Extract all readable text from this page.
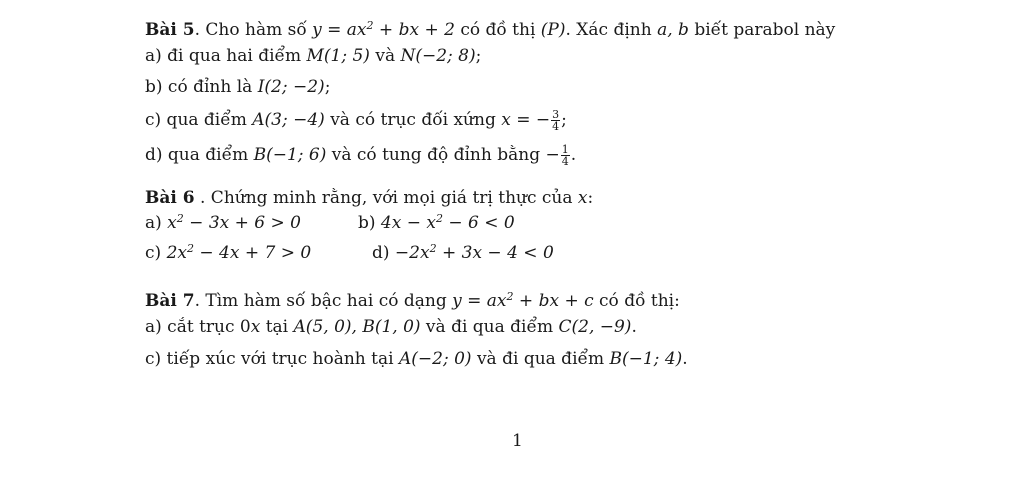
Bài 5. Cho hàm số $y = ax^2$ + bx + 2 có đồ thị (P). Xác định a, b biết parabol này
a) đi qua hai điểm M(1; 5) và N(−2; 8);
b) có đỉnh là I(2; −2);
c) qua điểm A(3; −4) và có trục đối xứng x = − $\frac{3}{4}$ ;
d) qua điểm B(−1; 6) và có tung độ đỉnh bằng − $\frac{1}{4}$ .
Bài 6 . Chứng minh rằng, với mọi giá trị thực của x:
a) $x^2 - 3x + 6 > 0$	b) $4x - x^2 - 6 < 0$
c) $2x^2 - 4x + 7 > 0$	$d) -2x^2 + 3x - 4 < 0$
Bài 7. Tìm hàm số bậc hai có dạng $y = ax^2$ + bx + c có đồ thị:
a) cắt trục 0x tại A(5, 0), B(1, 0) và đi qua điểm C(2, −9).
c) tiếp xúc với trục hoành tại A(−2; 0) và đi qua điểm B(−1; 4).
1
